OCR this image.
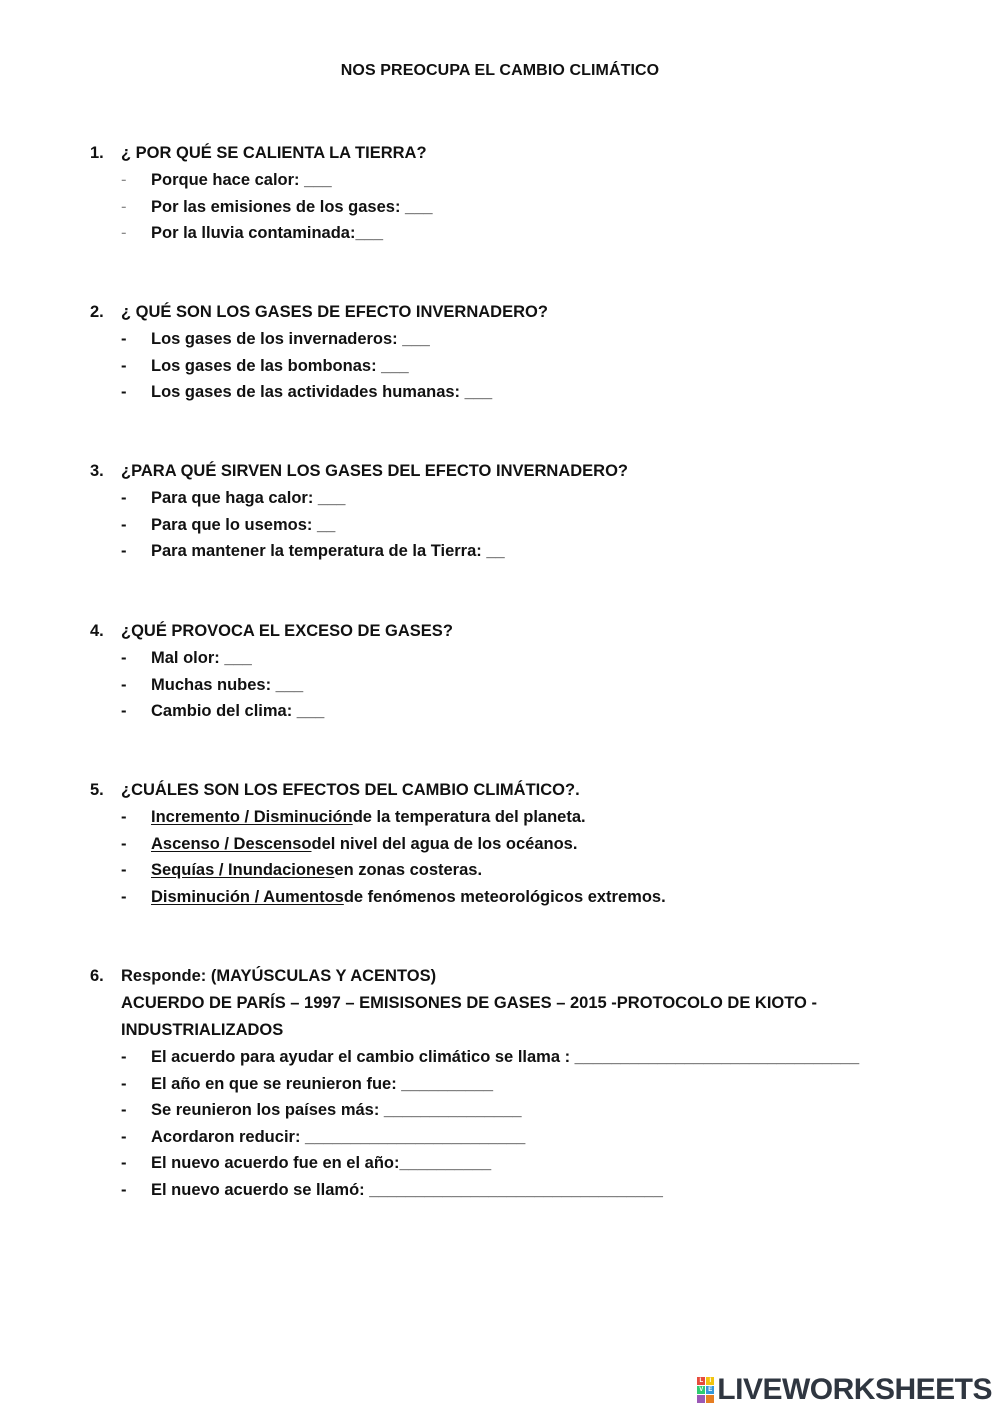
NOS PREOCUPA EL CAMBIO CLIMÁTICO
1.	¿ POR QUÉ SE CALIENTA LA TIERRA?
-	Porque hace calor: ___
-	Por las emisiones de los gases: ___
-	Por la lluvia contaminada:___
2.	¿ QUÉ SON LOS GASES DE EFECTO INVERNADERO?
-	Los gases de los invernaderos: ___
-	Los gases de las bombonas: ___
-	Los gases de las actividades humanas: ___
3.	¿PARA QUÉ SIRVEN LOS GASES DEL EFECTO INVERNADERO?
-	Para que haga calor: ___
-	Para que lo usemos: __
-	Para mantener la temperatura de la Tierra: __
4.	¿QUÉ PROVOCA EL EXCESO DE GASES?
-	Mal olor: ___
-	Muchas nubes: ___
-	Cambio del clima: ___
5.	¿CUÁLES SON LOS EFECTOS DEL CAMBIO CLIMÁTICO?.
-	Incremento / Disminución de la temperatura del planeta.
-	Ascenso / Descenso del nivel del agua de los océanos.
-	Sequías / Inundaciones en zonas costeras.
-	Disminución / Aumentos de fenómenos meteorológicos extremos.
6.	Responde: (MAYÚSCULAS Y ACENTOS)
ACUERDO DE PARÍS – 1997 – EMISISONES DE GASES – 2015 -PROTOCOLO DE KIOTO -
INDUSTRIALIZADOS
-	El acuerdo para ayudar el cambio climático se llama : _______________________________
-	El año en que se reunieron fue: __________
-	Se reunieron los países más: _______________
-	Acordaron reducir: ________________________
-	El nuevo acuerdo fue en el año:__________
-	El nuevo acuerdo se llamó: ________________________________
L	I
V E LIVEWORKSHEETS
